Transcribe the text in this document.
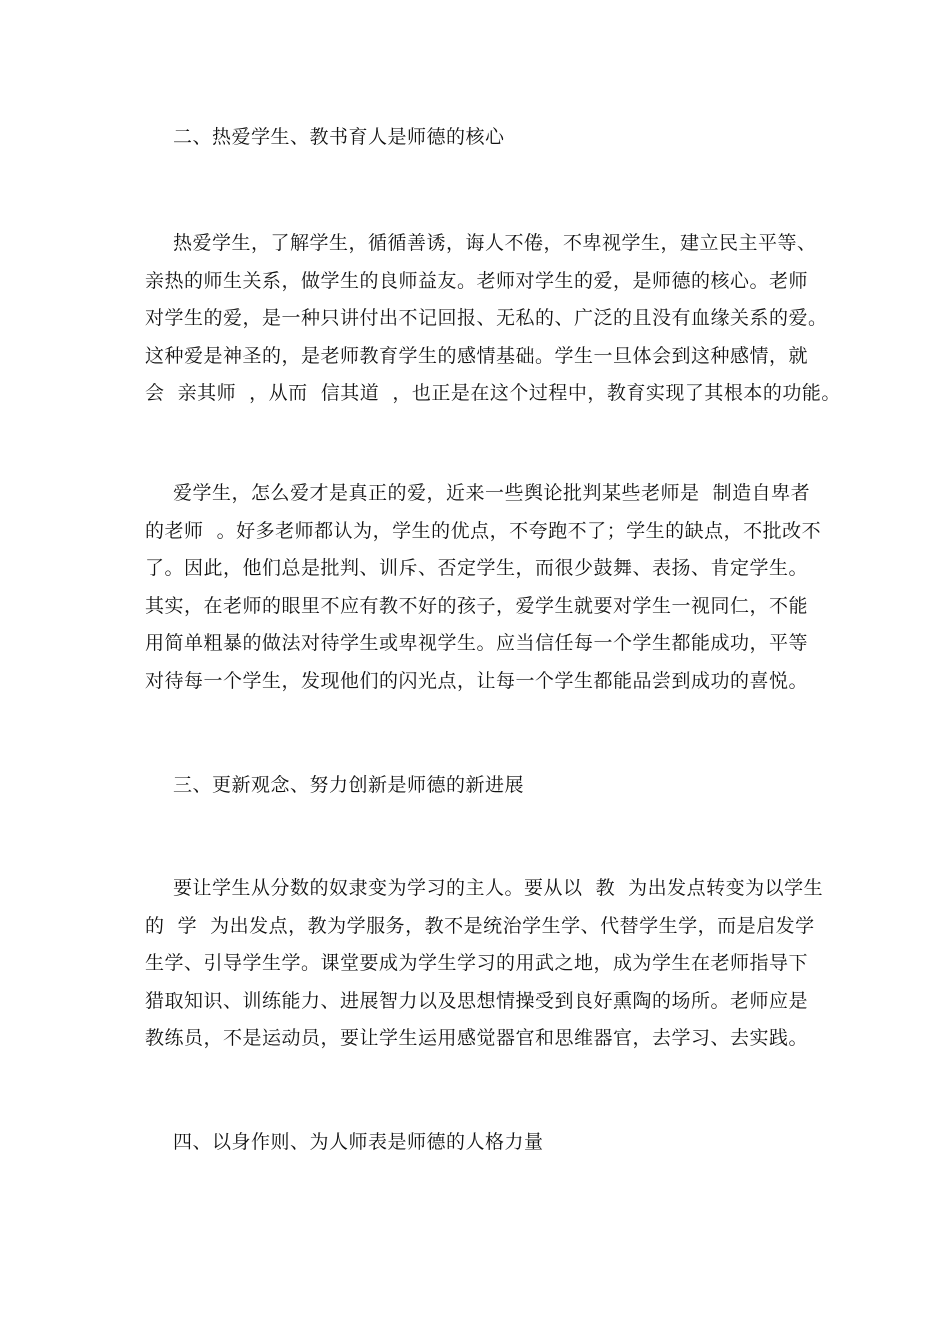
二、热爱学生、教书育人是师德的核心
热爱学生，了解学生，循循善诱，诲人不倦，不卑视学生，建立民主平等、
亲热的师生关系，做学生的良师益友。老师对学生的爱，是师德的核心。老师
对学生的爱，是一种只讲付出不记回报、无私的、广泛的且没有血缘关系的爱。
这种爱是神圣的，是老师教育学生的感情基础。学生一旦体会到这种感情，就
会  亲其师  ，从而  信其道  ，也正是在这个过程中，教育实现了其根本的功能。
爱学生，怎么爱才是真正的爱，近来一些舆论批判某些老师是  制造自卑者
的老师  。好多老师都认为，学生的优点，不夸跑不了；学生的缺点，不批改不
了。因此，他们总是批判、训斥、否定学生，而很少鼓舞、表扬、肯定学生。
其实，在老师的眼里不应有教不好的孩子，爱学生就要对学生一视同仁，不能
用简单粗暴的做法对待学生或卑视学生。应当信任每一个学生都能成功，平等
对待每一个学生，发现他们的闪光点，让每一个学生都能品尝到成功的喜悦。
三、更新观念、努力创新是师德的新进展
要让学生从分数的奴隶变为学习的主人。要从以  教  为出发点转变为以学生
的  学  为出发点，教为学服务，教不是统治学生学、代替学生学，而是启发学
生学、引导学生学。课堂要成为学生学习的用武之地，成为学生在老师指导下
猎取知识、训练能力、进展智力以及思想情操受到良好熏陶的场所。老师应是
教练员，不是运动员，要让学生运用感觉器官和思维器官，去学习、去实践。
四、以身作则、为人师表是师德的人格力量
